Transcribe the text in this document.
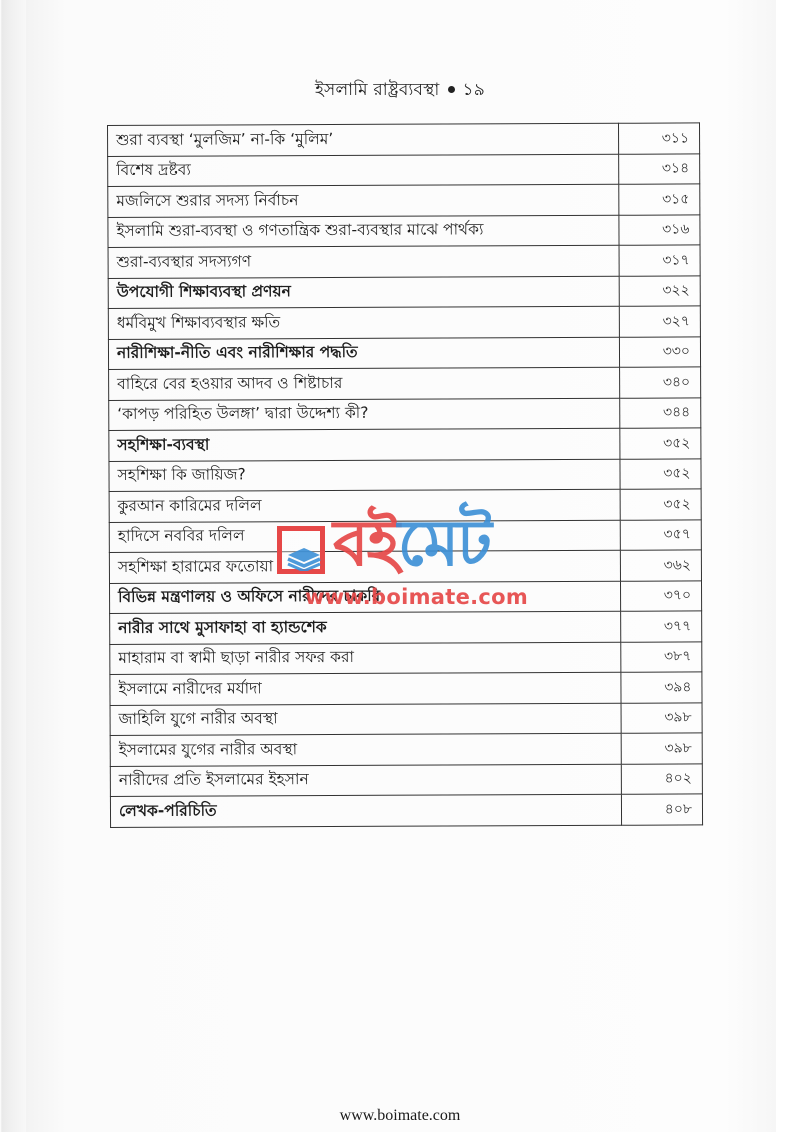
ইসলামি রাষ্ট্রব্যবস্থা ১৯
শুরা ব্যবস্থা ‘মুলজিম’ না-কি ‘মুলিম’	৩১১
বিশেষ দ্রষ্টব্য	৩১৪
মজলিসে শুরার সদস্য নির্বাচন	৩১৫
ইসলামি শুরা-ব্যবস্থা ও গণতান্ত্রিক শুরা-ব্যবস্থার মাঝে পার্থক্য	৩১৬
শুরা-ব্যবস্থার সদস্যগণ	৩১৭
উপযোগী শিক্ষাব্যবস্থা প্রণয়ন	৩২২
ধর্মবিমুখ শিক্ষাব্যবস্থার ক্ষতি	৩২৭
নারীশিক্ষা-নীতি এবং নারীশিক্ষার পদ্ধতি	৩৩০
বাহিরে বের হওয়ার আদব ও শিষ্টাচার	৩৪০
‘কাপড় পরিহিত উলঙ্গা’ দ্বারা উদ্দেশ্য কী?	৩৪৪
সহশিক্ষা-ব্যবস্থা	৩৫২
সহশিক্ষা কি জায়িজ?	৩৫২
কুরআন কারিমের দলিল	৩৫২
হাদিসে নববির দলিল	৩৫৭
সহশিক্ষা হারামের ফতোয়া	৩৬২
বিভিন্ন মন্ত্রণালয় ও অফিসে নারীদের চাকরি	৩৭০
নারীর সাথে মুসাফাহা বা হ্যান্ডশেক	৩৭৭
মাহারাম বা স্বামী ছাড়া নারীর সফর করা	৩৮৭
ইসলামে নারীদের মর্যাদা	৩৯৪
জাহিলি যুগে নারীর অবস্থা	৩৯৮
ইসলামের যুগের নারীর অবস্থা	৩৯৮
নারীদের প্রতি ইসলামের ইহসান	৪০২
লেখক-পরিচিতি	৪০৮
বইমেট
www.boimate.com
www.boimate.com
